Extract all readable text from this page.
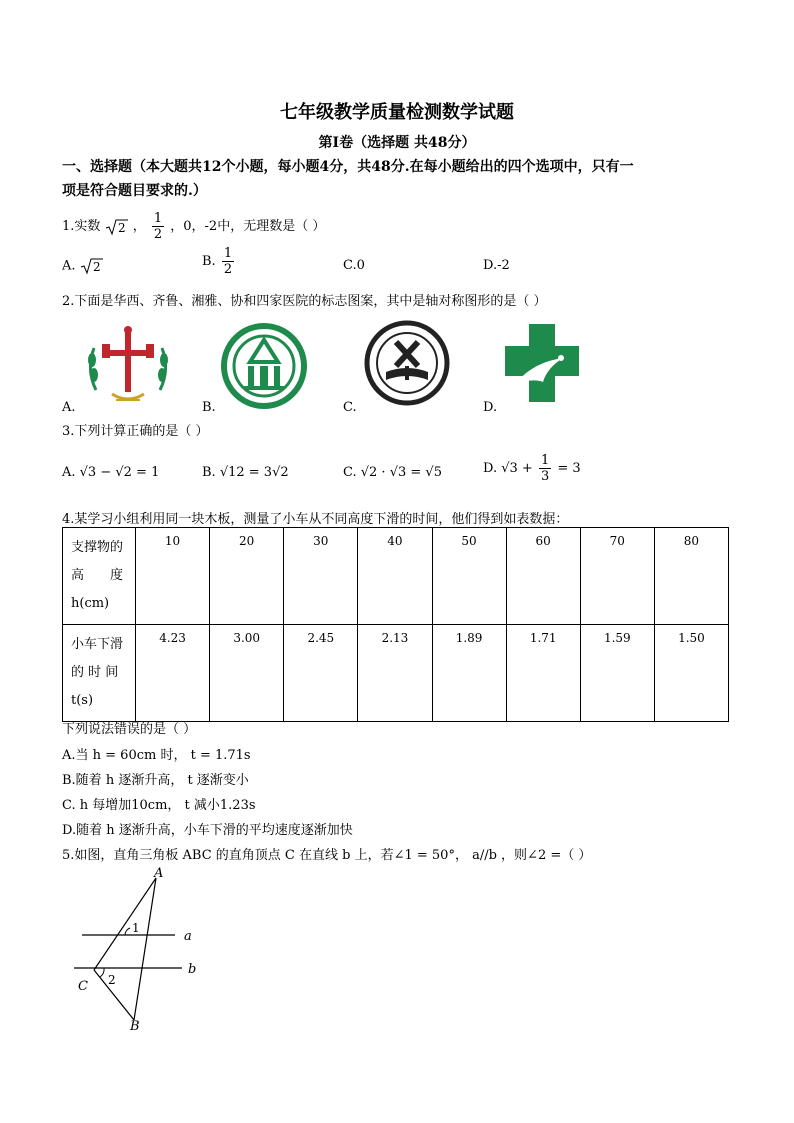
七年级教学质量检测数学试题
第Ⅰ卷（选择题 共48分）
一、选择题（本大题共12个小题，每小题4分，共48分.在每小题给出的四个选项中，只有一
项是符合题目要求的.）
1.实数 2 ， $\frac{1}{2}$ ，0，-2中，无理数是（ ）
A. 2	B. $\frac{1}{2}$	C.0	D.-2
2.下面是华西、齐鲁、湘雅、协和四家医院的标志图案，其中是轴对称图形的是（ ）
A.	B.	C.	D.
3.下列计算正确的是（ ）
A. √3 − √2 = 1	B. √12 = 3√2	C. √2 · √3 = √5	D. $√3 + \frac{1}{3} = 3$
4.某学习小组利用同一块木板，测量了小车从不同高度下滑的时间，他们得到如表数据：
支撑物的
高　　度
h(cm)	10	20	30	40	50	60	70	80

小车下滑
的 时 间
t(s)	4.23	3.00	2.45	2.13	1.89	1.71	1.59	1.50
下列说法错误的是（ ）
A.当 h = 60cm 时， t = 1.71s
B.随着 h 逐渐升高， t 逐渐变小
C. h 每增加10cm， t 减小1.23s
D.随着 h 逐渐升高，小车下滑的平均速度逐渐加快
5.如图，直角三角板 ABC 的直角顶点 C 在直线 b 上，若∠1 = 50°， a//b ，则∠2 =（ ）
A
B
C
a
b
1
2
